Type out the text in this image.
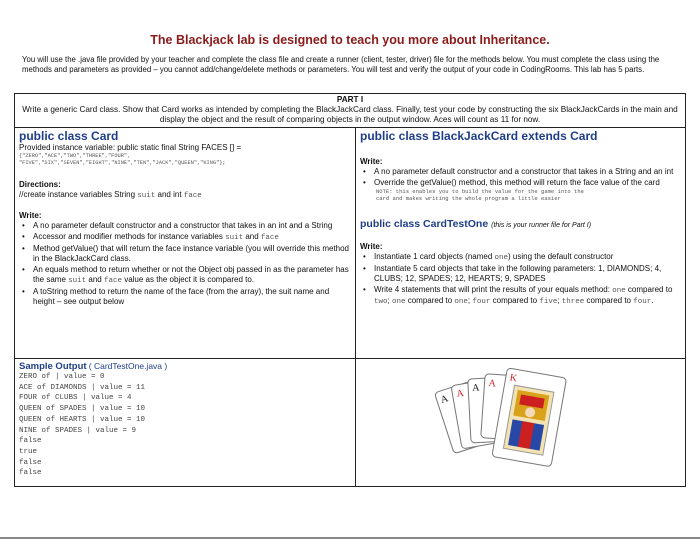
The Blackjack lab is designed to teach you more about Inheritance.
You will use the .java file provided by your teacher and complete the class file and create a runner (client, tester, driver) file for the methods below. You must complete the class using the methods and parameters as provided – you cannot add/change/delete methods or parameters. You will test and verify the output of your code in CodingRooms. This lab has 5 parts.
PART I
Write a generic Card class. Show that Card works as intended by completing the BlackJackCard class. Finally, test your code by constructing the six BlackJackCards in the main and display the object and the result of comparing objects in the output window. Aces will count as 11 for now.
public class Card
Provided instance variable: public static final String FACES [] =
{"ZERO","ACE","TWO","THREE","FOUR",
"FIVE","SIX","SEVEN","EIGHT","NINE","TEN","JACK","QUEEN","KING"};
Directions:
//create instance variables String suit and int face
Write:
• A no parameter default constructor and a constructor that takes in an int and a String
• Accessor and modifier methods for instance variables suit and face
• Method getValue() that will return the face instance variable (you will override this method in the BlackJackCard class.
• An equals method to return whether or not the Object obj passed in as the parameter has the same suit and face value as the object it is compared to.
• A toString method to return the name of the face (from the array), the suit name and height – see output below
public class BlackJackCard extends Card
Write:
• A no parameter default constructor and a constructor that takes in a String and an int
• Override the getValue() method, this method will return the face value of the card
NOTE: this enables you to build the value for the game into the
card and makes writing the whole program a little easier
public class CardTestOne (this is your runner file for Part I)
Write:
• Instantiate 1 card objects (named one) using the default constructor
• Instantiate 5 card objects that take in the following parameters: 1, DIAMONDS; 4, CLUBS; 12, SPADES; 12, HEARTS; 9, SPADES
• Write 4 statements that will print the results of your equals method: one compared to two; one compared to one; four compared to five; three compared to four.
Sample Output ( CardTestOne.java )
ZERO of | value = 0
ACE of DIAMONDS | value = 11
FOUR of CLUBS | value = 4
QUEEN of SPADES | value = 10
QUEEN of HEARTS | value = 10
NINE of SPADES | value = 9
false
true
false
false
A A A A K
